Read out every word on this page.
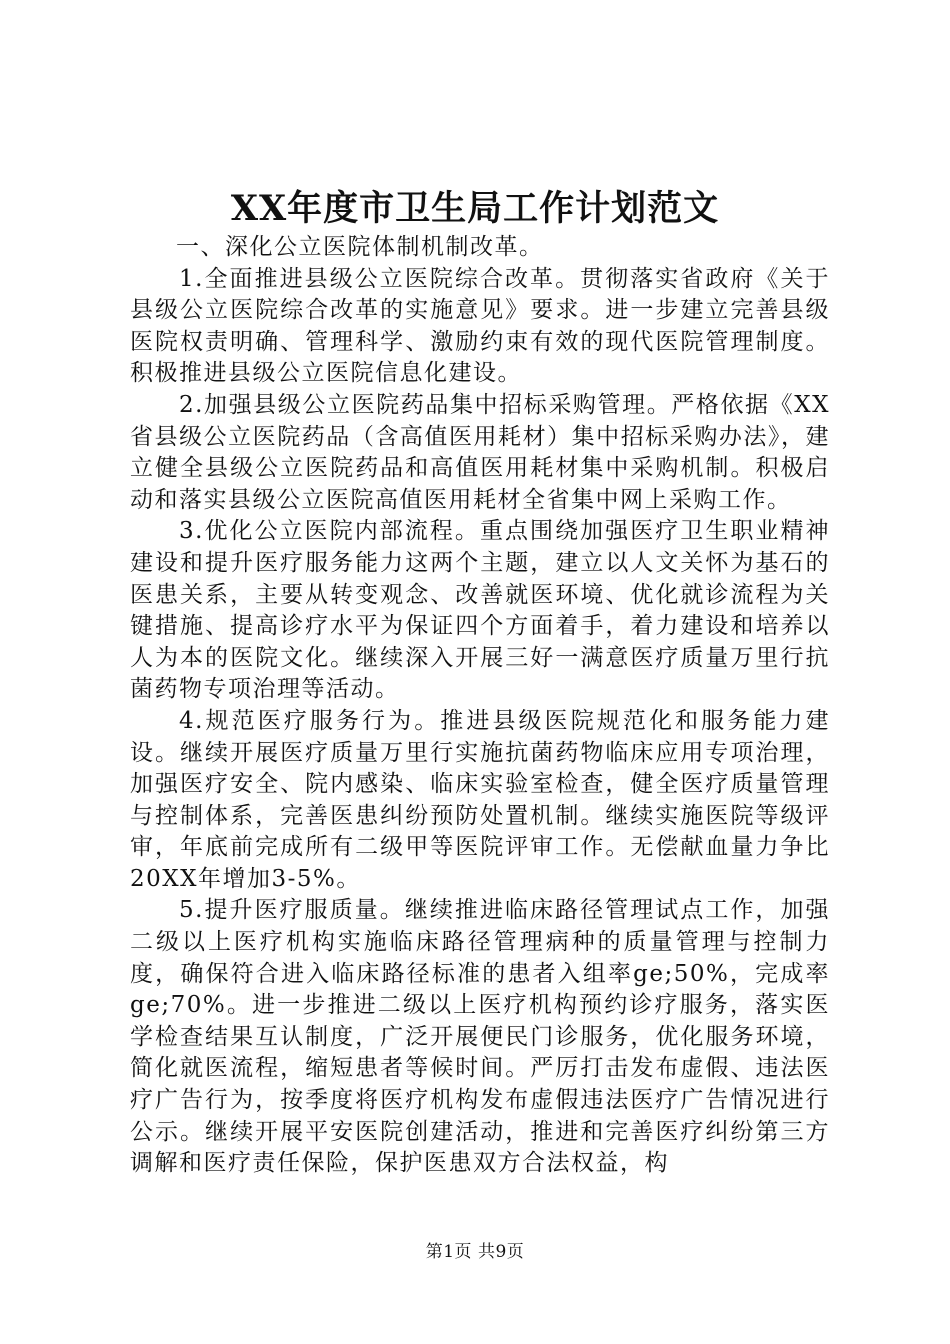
XX年度市卫生局工作计划范文

一、深化公立医院体制机制改革。

1.全面推进县级公立医院综合改革。贯彻落实省政府《关于县级公立医院综合改革的实施意见》要求。进一步建立完善县级医院权责明确、管理科学、激励约束有效的现代医院管理制度。积极推进县级公立医院信息化建设。

2.加强县级公立医院药品集中招标采购管理。严格依据《XX省县级公立医院药品（含高值医用耗材）集中招标采购办法》，建立健全县级公立医院药品和高值医用耗材集中采购机制。积极启动和落实县级公立医院高值医用耗材全省集中网上采购工作。

3.优化公立医院内部流程。重点围绕加强医疗卫生职业精神建设和提升医疗服务能力这两个主题，建立以人文关怀为基石的医患关系，主要从转变观念、改善就医环境、优化就诊流程为关键措施、提高诊疗水平为保证四个方面着手，着力建设和培养以人为本的医院文化。继续深入开展三好一满意医疗质量万里行抗菌药物专项治理等活动。

4.规范医疗服务行为。推进县级医院规范化和服务能力建设。继续开展医疗质量万里行实施抗菌药物临床应用专项治理，加强医疗安全、院内感染、临床实验室检查，健全医疗质量管理与控制体系，完善医患纠纷预防处置机制。继续实施医院等级评审，年底前完成所有二级甲等医院评审工作。无偿献血量力争比20XX年增加3-5%。

5.提升医疗服质量。继续推进临床路径管理试点工作，加强二级以上医疗机构实施临床路径管理病种的质量管理与控制力度，确保符合进入临床路径标准的患者入组率ge;50%，完成率ge;70%。进一步推进二级以上医疗机构预约诊疗服务，落实医学检查结果互认制度，广泛开展便民门诊服务，优化服务环境，简化就医流程，缩短患者等候时间。严厉打击发布虚假、违法医疗广告行为，按季度将医疗机构发布虚假违法医疗广告情况进行公示。继续开展平安医院创建活动，推进和完善医疗纠纷第三方调解和医疗责任保险，保护医患双方合法权益，构

第1页 共9页
